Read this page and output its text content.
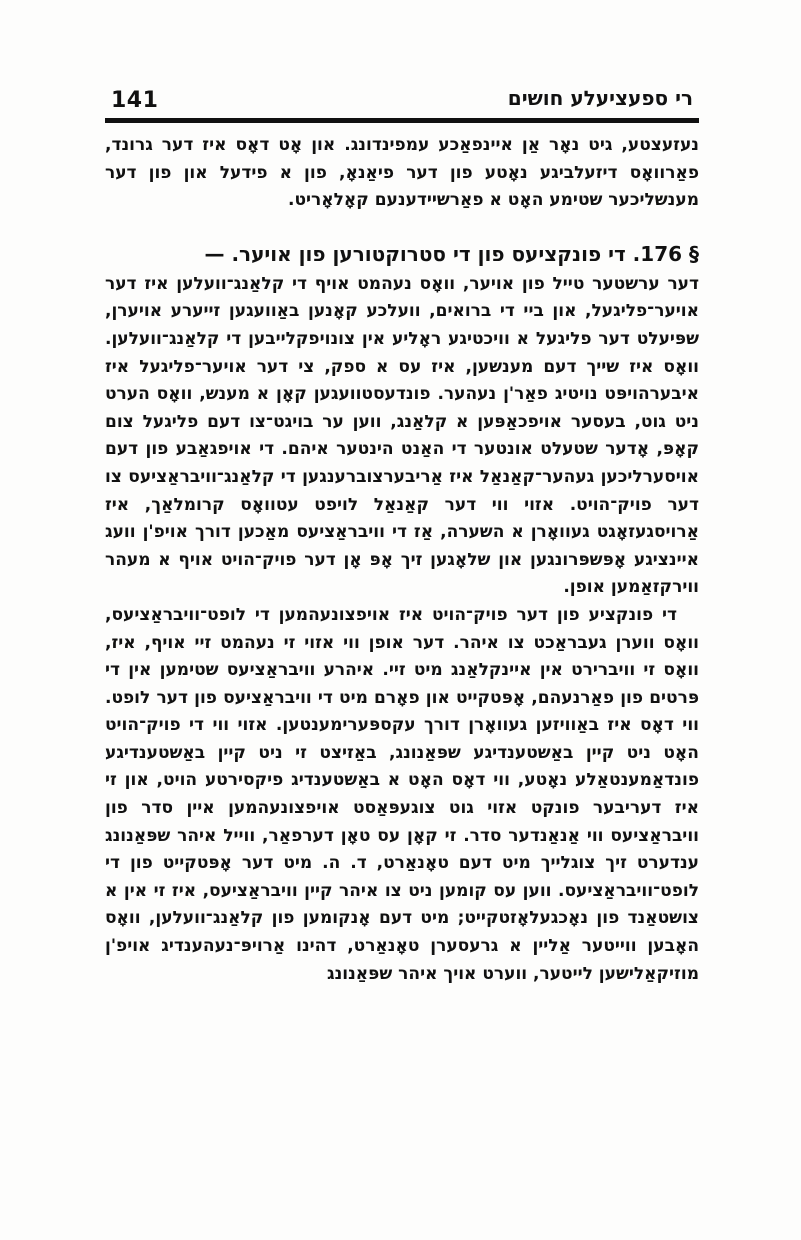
141	רי ספעציעלע חושים

נעזעצטע, גיט נאָר אַן איינפאַכע עמפינדונג. און אָט דאָס איז דער גרונד, פאַרוואָס דיזעלביגע נאָטע פון דער פיאַנאָ, פון א פידעל און פון דער מענשליכער שטימע האָט א פאַרשיידענעם קאָלאָריט.

§ 176. די פונקציעס פון די סטרוקטורען פון אויער. —
דער ערשטער טייל פון אויער, וואָס נעהמט אויף די קלאַנג־וועלען איז דער אויער־פליגעל, און ביי די ברואים, וועלכע קאָנען באַוועגען זייערע אויערן, שפּיעלט דער פליגעל א וויכטיגע ראָליע אין צונויפקלייבען די קלאַנג־וועלען. וואָס איז שייך דעם מענשען, איז עס א ספק, צי דער אויער־פליגעל איז איבערהויפּט נויטיג פאַר'ן נעהער. פונדעסטוועגען קאָן א מענש, וואָס הערט ניט גוט, בעסער אויפכאַפּען א קלאַנג, ווען ער בויגט־צו דעם פליגעל צום קאָפּ, אָדער שטעלט אונטער די האַנט הינטער איהם. די אויפגאַבע פון דעם אויסערליכען געהער־קאַנאַל איז אַריבערצוברענגען די קלאַנג־וויבראַציעס צו דער פויק־הויט. אזוי ווי דער קאַנאַל לויפט עטוואָס קרומלאַך, איז אַרויסגעזאָגט געוואָרן א השערה, אַז די וויבראַציעס מאַכען דורך אויפ'ן וועג איינציגע אָפּשפּרונגען און שלאָגען זיך אָפּ אָן דער פויק־הויט אויף א מעהר ווירקזאַמען אופן.

די פונקציע פון דער פויק־הויט איז אויפצונעהמען די לופט־וויבראַציעס, וואָס ווערן געבראַכט צו איהר. דער אופן ווי אזוי זי נעהמט זיי אויף, איז, וואָס זי וויברירט אין איינקלאַנג מיט זיי. איהרע וויבראַציעס שטימען אין די פּרטים פון פאַרנעהם, אָפּטקייט און פאָרם מיט די וויבראַציעס פון דער לופט. ווי דאָס איז באַוויזען געוואָרן דורך עקספּערימענטען. אזוי ווי די פויק־הויט האָט ניט קיין באַשטענדיגע שפּאַנונג, באַזיצט זי ניט קיין באַשטענדיגע פונדאַמענטאַלע נאָטע, ווי דאָס האָט א באַשטענדיג פיקסירטע הויט, און זי איז דעריבער פונקט אזוי גוט צוגעפּאַסט אויפצונעהמען איין סדר פון וויבראַציעס ווי אַנאַנדער סדר. זי קאָן עס טאָן דערפאַר, ווייל איהר שפּאַנונג ענדערט זיך צוגלייך מיט דעם טאָנאַרט, ד. ה. מיט דער אָפּטקייט פון די לופט־וויבראַציעס. ווען עס קומען ניט צו איהר קיין וויבראַציעס, איז זי אין א צושטאַנד פון נאָכגעלאָזטקייט; מיט דעם אָנקומען פון קלאַנג־וועלען, וואָס האָבען ווייטער אַליין א גרעסערן טאָנאַרט, דהינו אַרויפּ־נעהענדיג אויפ'ן מוזיקאַלישען לייטער, ווערט אויך איהר שפּאַנונג
